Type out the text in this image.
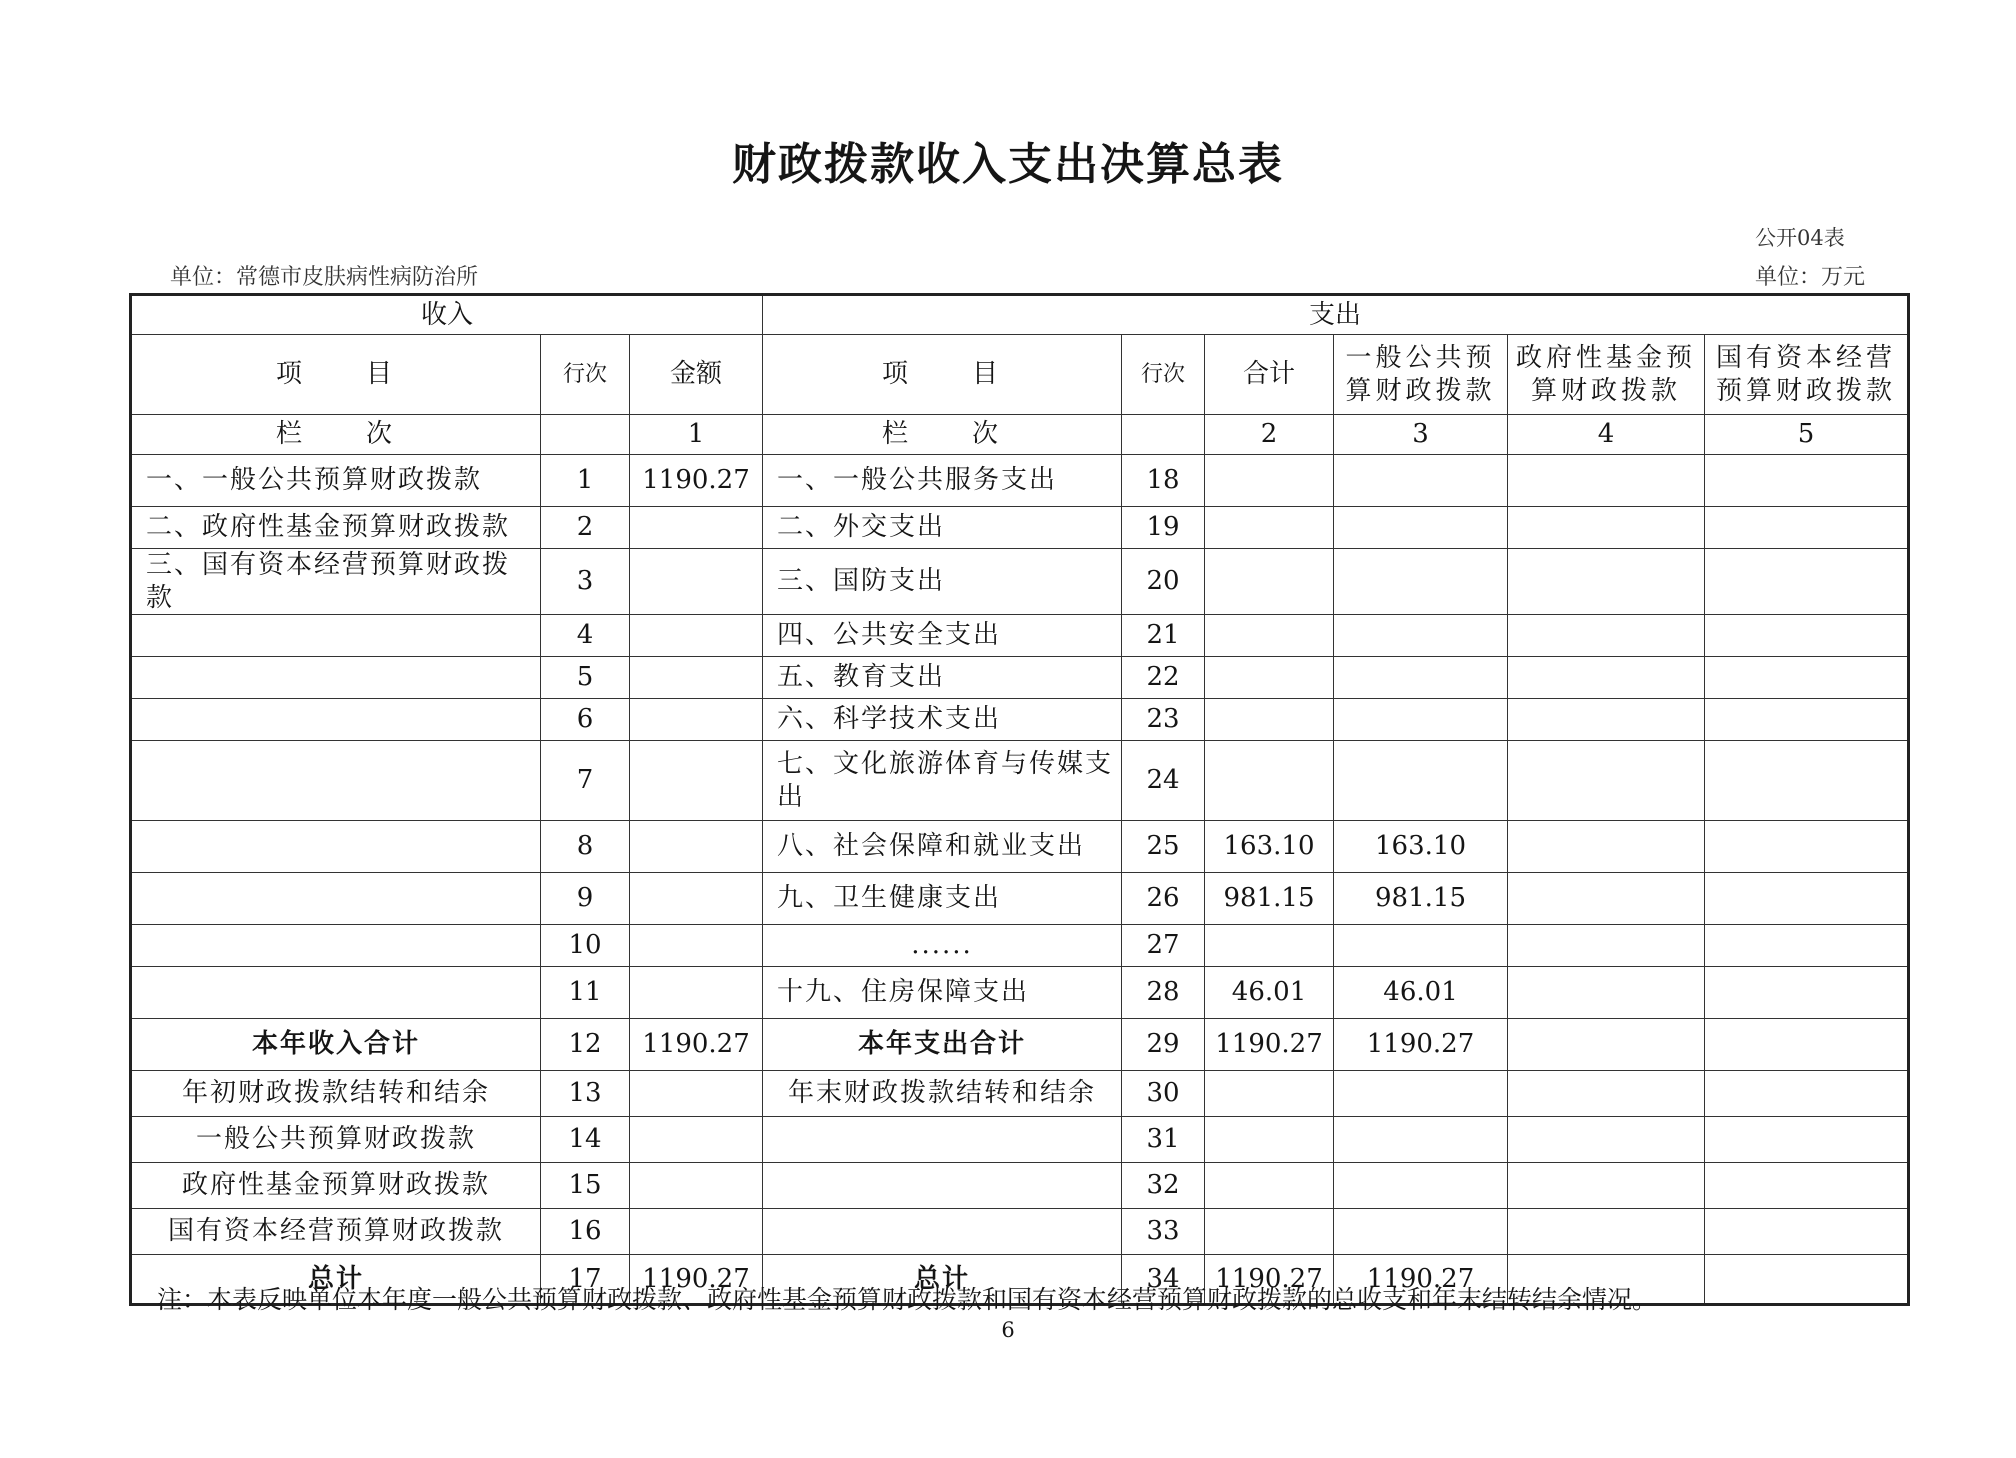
财政拨款收入支出决算总表
公开04表
单位：常德市皮肤病性病防治所	单位：万元
收入			支出					
项　　目	行次	金额	项　　目	行次	合计	一般公共预算财政拨款	政府性基金预算财政拨款	国有资本经营预算财政拨款
栏　　次		1	栏　　次		2	3	4	5
一、一般公共预算财政拨款	1	1190.27	一、一般公共服务支出	18				
二、政府性基金预算财政拨款	2		二、外交支出	19				
三、国有资本经营预算财政拨款	3		三、国防支出	20				
	4		四、公共安全支出	21				
	5		五、教育支出	22				
	6		六、科学技术支出	23				
	7		七、文化旅游体育与传媒支出	24				
	8		八、社会保障和就业支出	25	163.10	163.10		
	9		九、卫生健康支出	26	981.15	981.15		
	10		......	27				
	11		十九、住房保障支出	28	46.01	46.01		
本年收入合计	12	1190.27	本年支出合计	29	1190.27	1190.27		
年初财政拨款结转和结余	13		年末财政拨款结转和结余	30				
一般公共预算财政拨款	14			31				
政府性基金预算财政拨款	15			32				
国有资本经营预算财政拨款	16			33				
总计	17	1190.27	总计	34	1190.27	1190.27		
注：本表反映单位本年度一般公共预算财政拨款、政府性基金预算财政拨款和国有资本经营预算财政拨款的总收支和年末结转结余情况。
6
